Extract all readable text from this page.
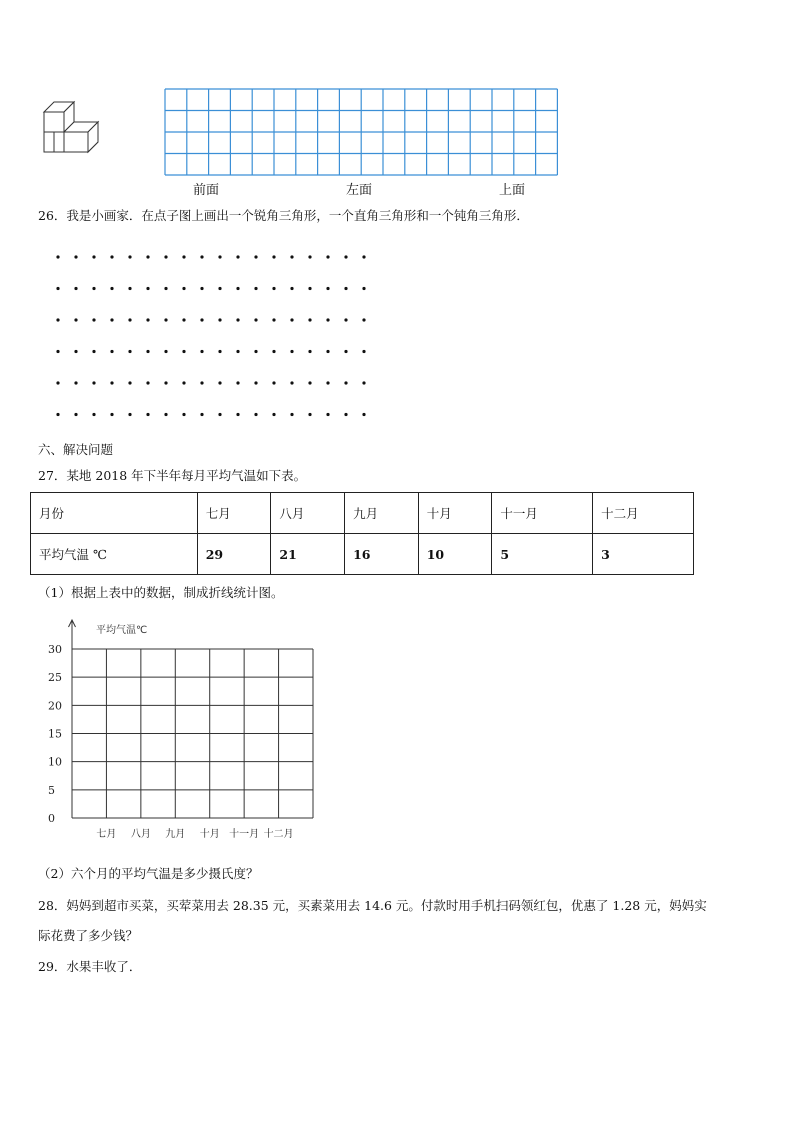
前面	左面	上面
26．我是小画家．在点子图上画出一个锐角三角形，一个直角三角形和一个钝角三角形．
六、解决问题
27．某地 2018 年下半年每月平均气温如下表。
月份	七月	八月	九月	十月	十一月	十二月
平均气温 ℃	29	21	16	10	5	3
（1）根据上表中的数据，制成折线统计图。
平均气温℃
30
25
20
15
10
5
0
七月 八月 九月 十月 十一月 十二月
（2）六个月的平均气温是多少摄氏度？
28．妈妈到超市买菜，买荤菜用去 28.35 元，买素菜用去 14.6 元。付款时用手机扫码领红包，优惠了 1.28 元，妈妈实
际花费了多少钱？
29．水果丰收了．
